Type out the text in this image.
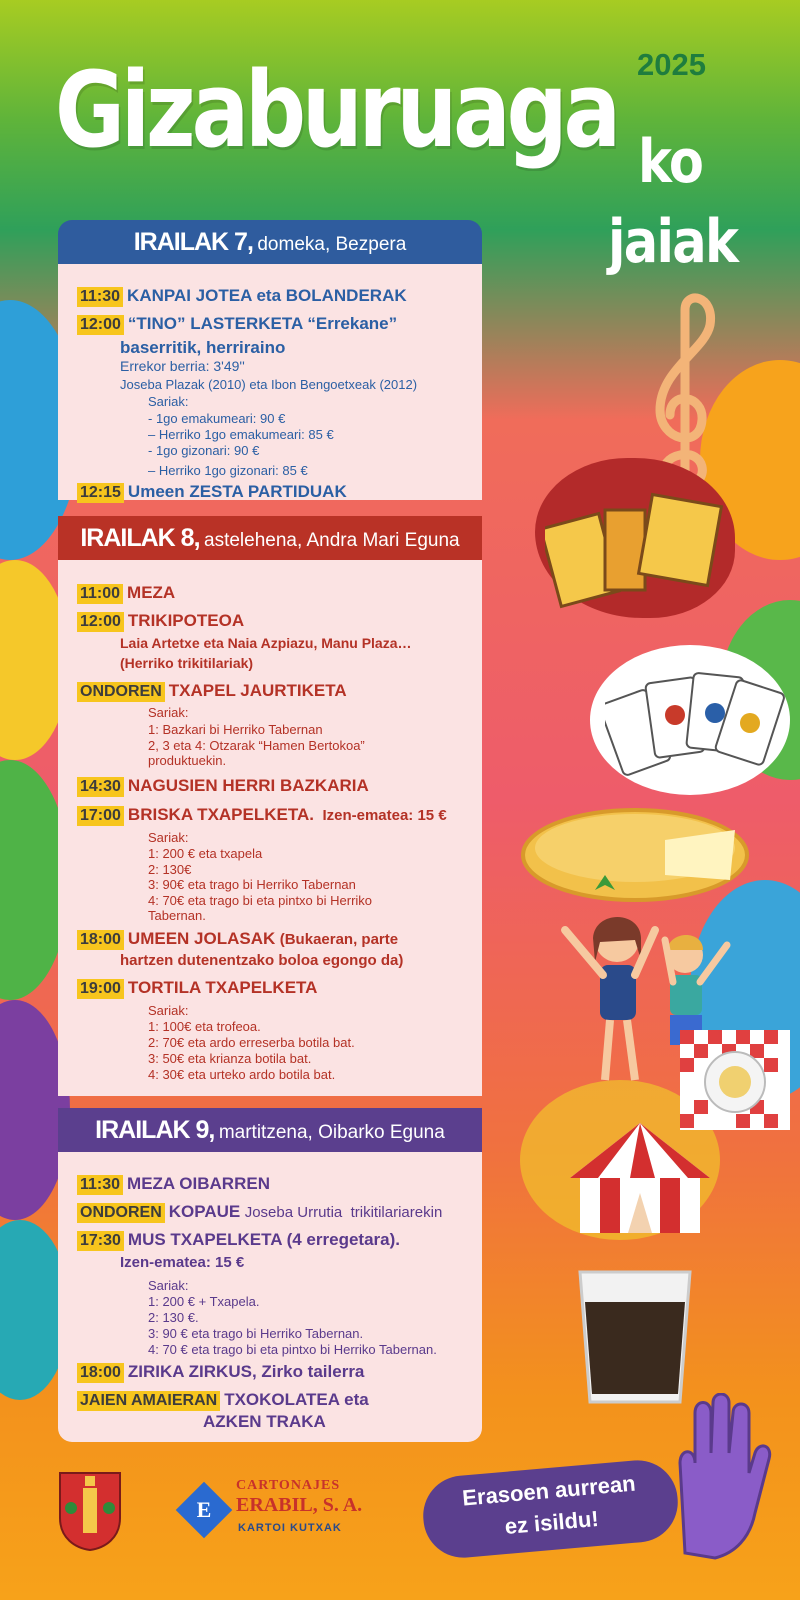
2025
Gizaburuaga ko
jaiak
IRAILAK 7, domeka, Bezpera
11:30 KANPAI JOTEA eta BOLANDERAK
12:00 “TINO” LASTERKETA “Errekane”
baserritik, herriraino
Errekor berria: 3'49''
Joseba Plazak (2010) eta Ibon Bengoetxeak (2012)
Sariak:
- 1go emakumeari: 90 €
– Herriko 1go emakumeari: 85 €
- 1go gizonari: 90 €
– Herriko 1go gizonari: 85 €
12:15 Umeen ZESTA PARTIDUAK
IRAILAK 8, astelehena, Andra Mari Eguna
11:00 MEZA
12:00 TRIKIPOTEOA
Laia Artetxe eta Naia Azpiazu, Manu Plaza…
(Herriko trikitilariak)
ONDOREN TXAPEL JAURTIKETA
Sariak:
1: Bazkari bi Herriko Tabernan
2, 3 eta 4: Otzarak “Hamen Bertokoa”
produktuekin.
14:30 NAGUSIEN HERRI BAZKARIA
17:00 BRISKA TXAPELKETA. Izen-ematea: 15 €
Sariak:
1: 200 € eta txapela
2: 130€
3: 90€ eta trago bi Herriko Tabernan
4: 70€ eta trago bi eta pintxo bi Herriko
Tabernan.
18:00 UMEEN JOLASAK (Bukaeran, parte
hartzen dutenentzako boloa egongo da)
19:00 TORTILA TXAPELKETA
Sariak:
1: 100€ eta trofeoa.
2: 70€ eta ardo erreserba botila bat.
3: 50€ eta krianza botila bat.
4: 30€ eta urteko ardo botila bat.
IRAILAK 9, martitzena, Oibarko Eguna
11:30 MEZA OIBARREN
ONDOREN KOPAUE Joseba Urrutia  trikitilariarekin
17:30 MUS TXAPELKETA (4 erregetara).
Izen-ematea: 15 €
Sariak:
1: 200 € + Txapela.
2: 130 €.
3: 90 € eta trago bi Herriko Tabernan.
4: 70 € eta trago bi eta pintxo bi Herriko Tabernan.
18:00 ZIRIKA ZIRKUS, Zirko tailerra
JAIEN AMAIERAN TXOKOLATEA eta
AZKEN TRAKA
E
CARTONAJES
ERABIL, S. A.
KARTOI KUTXAK
Erasoen aurrean
ez isildu!
